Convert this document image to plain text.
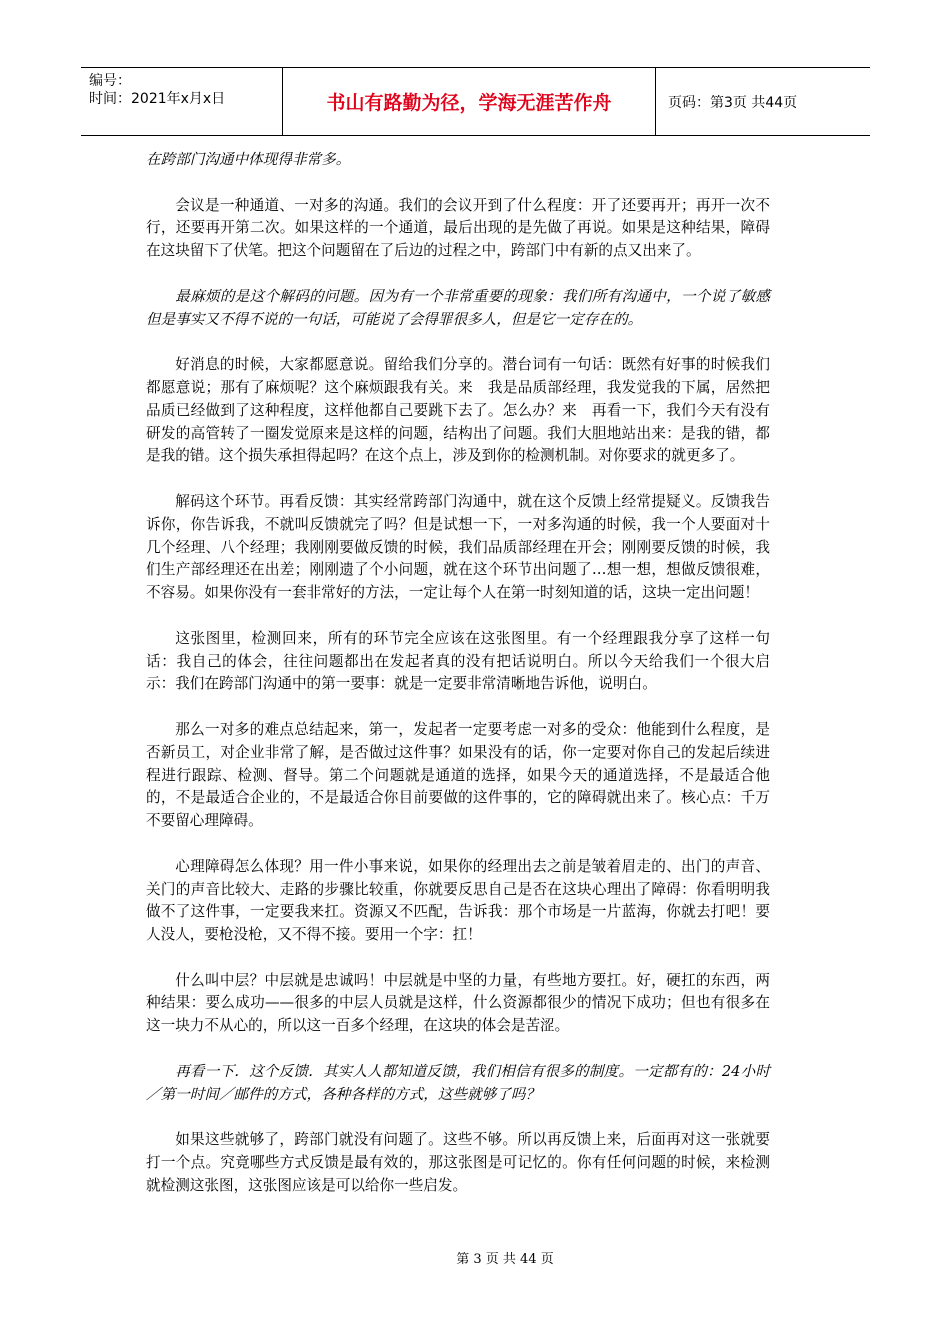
编号：
时间：2021年x月x日	书山有路勤为径，学海无涯苦作舟	页码：第3页 共44页

在跨部门沟通中体现得非常多。

会议是一种通道、一对多的沟通。我们的会议开到了什么程度：开了还要再开；再开一次不行，还要再开第二次。如果这样的一个通道，最后出现的是先做了再说。如果是这种结果，障碍在这块留下了伏笔。把这个问题留在了后边的过程之中，跨部门中有新的点又出来了。

最麻烦的是这个解码的问题。因为有一个非常重要的现象：我们所有沟通中，一个说了敏感但是事实又不得不说的一句话，可能说了会得罪很多人，但是它一定存在的。

好消息的时候，大家都愿意说。留给我们分享的。潜台词有一句话：既然有好事的时候我们都愿意说；那有了麻烦呢？这个麻烦跟我有关。来　我是品质部经理，我发觉我的下属，居然把品质已经做到了这种程度，这样他都自己要跳下去了。怎么办？来　再看一下，我们今天有没有研发的高管转了一圈发觉原来是这样的问题，结构出了问题。我们大胆地站出来：是我的错，都是我的错。这个损失承担得起吗？在这个点上，涉及到你的检测机制。对你要求的就更多了。

解码这个环节。再看反馈：其实经常跨部门沟通中，就在这个反馈上经常提疑义。反馈我告诉你，你告诉我，不就叫反馈就完了吗？但是试想一下，一对多沟通的时候，我一个人要面对十几个经理、八个经理；我刚刚要做反馈的时候，我们品质部经理在开会；刚刚要反馈的时候，我们生产部经理还在出差；刚刚遗了个小问题，就在这个环节出问题了…想一想，想做反馈很难，不容易。如果你没有一套非常好的方法，一定让每个人在第一时刻知道的话，这块一定出问题！

这张图里，检测回来，所有的环节完全应该在这张图里。有一个经理跟我分享了这样一句话：我自己的体会，往往问题都出在发起者真的没有把话说明白。所以今天给我们一个很大启示：我们在跨部门沟通中的第一要事：就是一定要非常清晰地告诉他，说明白。

那么一对多的难点总结起来，第一，发起者一定要考虑一对多的受众：他能到什么程度，是否新员工，对企业非常了解，是否做过这件事？如果没有的话，你一定要对你自己的发起后续进程进行跟踪、检测、督导。第二个问题就是通道的选择，如果今天的通道选择，不是最适合他的，不是最适合企业的，不是最适合你目前要做的这件事的，它的障碍就出来了。核心点：千万不要留心理障碍。

心理障碍怎么体现？用一件小事来说，如果你的经理出去之前是皱着眉走的、出门的声音、关门的声音比较大、走路的步骤比较重，你就要反思自己是否在这块心理出了障碍：你看明明我做不了这件事，一定要我来扛。资源又不匹配，告诉我：那个市场是一片蓝海，你就去打吧！要人没人，要枪没枪，又不得不接。要用一个字：扛！

什么叫中层？中层就是忠诚吗！中层就是中坚的力量，有些地方要扛。好，硬扛的东西，两种结果：要么成功——很多的中层人员就是这样，什么资源都很少的情况下成功；但也有很多在这一块力不从心的，所以这一百多个经理，在这块的体会是苦涩。

再看一下．这个反馈．其实人人都知道反馈，我们相信有很多的制度。一定都有的：24小时／第一时间／邮件的方式，各种各样的方式，这些就够了吗？

如果这些就够了，跨部门就没有问题了。这些不够。所以再反馈上来，后面再对这一张就要打一个点。究竟哪些方式反馈是最有效的，那这张图是可记忆的。你有任何问题的时候，来检测就检测这张图，这张图应该是可以给你一些启发。

第 3 页 共 44 页
